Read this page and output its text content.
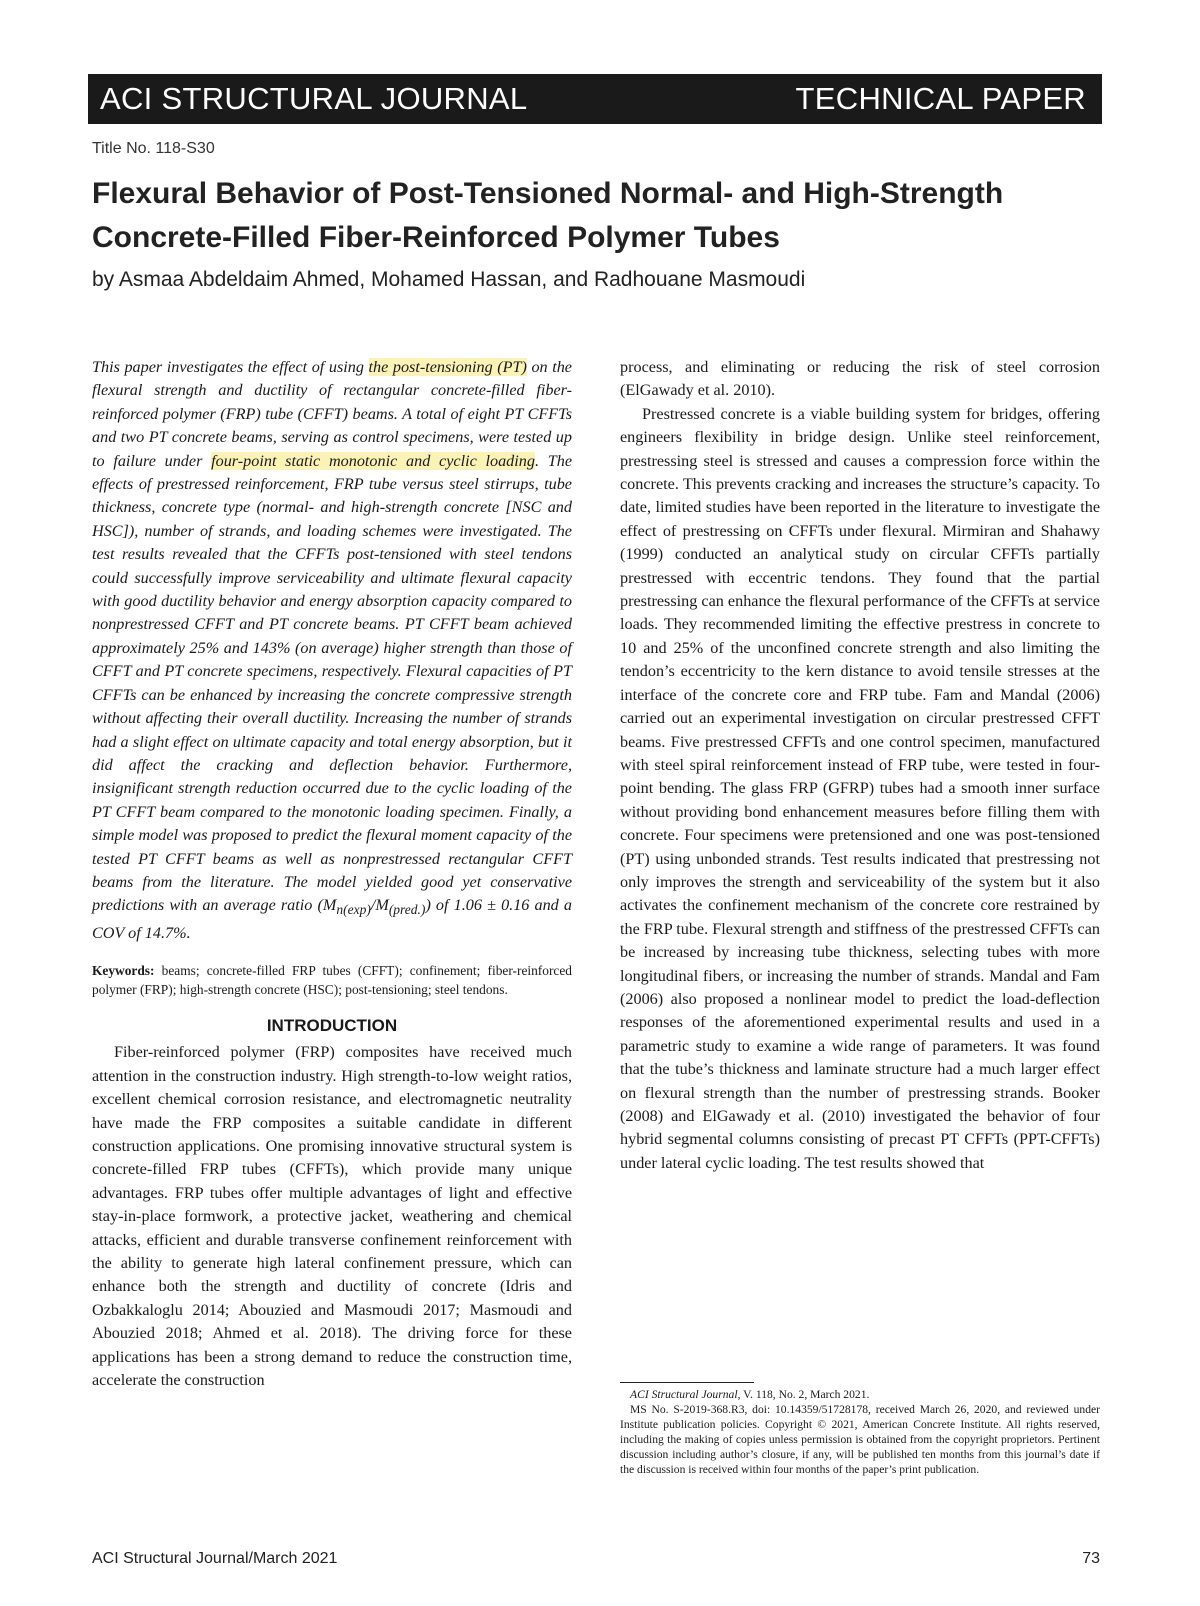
ACI STRUCTURAL JOURNAL	TECHNICAL PAPER
Title No. 118-S30
Flexural Behavior of Post-Tensioned Normal- and High-Strength Concrete-Filled Fiber-Reinforced Polymer Tubes
by Asmaa Abdeldaim Ahmed, Mohamed Hassan, and Radhouane Masmoudi

This paper investigates the effect of using the post-tensioning (PT) on the flexural strength and ductility of rectangular concrete-filled fiber-reinforced polymer (FRP) tube (CFFT) beams. A total of eight PT CFFTs and two PT concrete beams, serving as control specimens, were tested up to failure under four-point static monotonic and cyclic loading. The effects of prestressed reinforcement, FRP tube versus steel stirrups, tube thickness, concrete type (normal- and high-strength concrete [NSC and HSC]), number of strands, and loading schemes were investigated. The test results revealed that the CFFTs post-tensioned with steel tendons could successfully improve serviceability and ultimate flexural capacity with good ductility behavior and energy absorption capacity compared to nonprestressed CFFT and PT concrete beams. PT CFFT beam achieved approximately 25% and 143% (on average) higher strength than those of CFFT and PT concrete specimens, respectively. Flexural capacities of PT CFFTs can be enhanced by increasing the concrete compressive strength without affecting their overall ductility. Increasing the number of strands had a slight effect on ultimate capacity and total energy absorption, but it did affect the cracking and deflection behavior. Furthermore, insignificant strength reduction occurred due to the cyclic loading of the PT CFFT beam compared to the monotonic loading specimen. Finally, a simple model was proposed to predict the flexural moment capacity of the tested PT CFFT beams as well as nonprestressed rectangular CFFT beams from the literature. The model yielded good yet conservative predictions with an average ratio $(M_{n(exp)}/M_{(pred.)})$ of 1.06 ± 0.16 and a COV of 14.7%.

Keywords: beams; concrete-filled FRP tubes (CFFT); confinement; fiber-reinforced polymer (FRP); high-strength concrete (HSC); post-tensioning; steel tendons.

INTRODUCTION

Fiber-reinforced polymer (FRP) composites have received much attention in the construction industry. High strength-to-low weight ratios, excellent chemical corrosion resistance, and electromagnetic neutrality have made the FRP composites a suitable candidate in different construction applications. One promising innovative structural system is concrete-filled FRP tubes (CFFTs), which provide many unique advantages. FRP tubes offer multiple advantages of light and effective stay-in-place formwork, a protective jacket, weathering and chemical attacks, efficient and durable transverse confinement reinforcement with the ability to generate high lateral confinement pressure, which can enhance both the strength and ductility of concrete (Idris and Ozbakkaloglu 2014; Abouzied and Masmoudi 2017; Masmoudi and Abouzied 2018; Ahmed et al. 2018). The driving force for these applications has been a strong demand to reduce the construction time, accelerate the construction

process, and eliminating or reducing the risk of steel corrosion (ElGawady et al. 2010).

Prestressed concrete is a viable building system for bridges, offering engineers flexibility in bridge design. Unlike steel reinforcement, prestressing steel is stressed and causes a compression force within the concrete. This prevents cracking and increases the structure’s capacity. To date, limited studies have been reported in the literature to investigate the effect of prestressing on CFFTs under flexural. Mirmiran and Shahawy (1999) conducted an analytical study on circular CFFTs partially prestressed with eccentric tendons. They found that the partial prestressing can enhance the flexural performance of the CFFTs at service loads. They recommended limiting the effective prestress in concrete to 10 and 25% of the unconfined concrete strength and also limiting the tendon’s eccentricity to the kern distance to avoid tensile stresses at the interface of the concrete core and FRP tube. Fam and Mandal (2006) carried out an experimental investigation on circular prestressed CFFT beams. Five prestressed CFFTs and one control specimen, manufactured with steel spiral reinforcement instead of FRP tube, were tested in four-point bending. The glass FRP (GFRP) tubes had a smooth inner surface without providing bond enhancement measures before filling them with concrete. Four specimens were pretensioned and one was post-tensioned (PT) using unbonded strands. Test results indicated that prestressing not only improves the strength and serviceability of the system but it also activates the confinement mechanism of the concrete core restrained by the FRP tube. Flexural strength and stiffness of the prestressed CFFTs can be increased by increasing tube thickness, selecting tubes with more longitudinal fibers, or increasing the number of strands. Mandal and Fam (2006) also proposed a nonlinear model to predict the load-deflection responses of the aforementioned experimental results and used in a parametric study to examine a wide range of parameters. It was found that the tube’s thickness and laminate structure had a much larger effect on flexural strength than the number of prestressing strands. Booker (2008) and ElGawady et al. (2010) investigated the behavior of four hybrid segmental columns consisting of precast PT CFFTs (PPT-CFFTs) under lateral cyclic loading. The test results showed that

ACI Structural Journal, V. 118, No. 2, March 2021.

MS No. S-2019-368.R3, doi: 10.14359/51728178, received March 26, 2020, and reviewed under Institute publication policies. Copyright © 2021, American Concrete Institute. All rights reserved, including the making of copies unless permission is obtained from the copyright proprietors. Pertinent discussion including author’s closure, if any, will be published ten months from this journal’s date if the discussion is received within four months of the paper’s print publication.

ACI Structural Journal/March 2021	73
